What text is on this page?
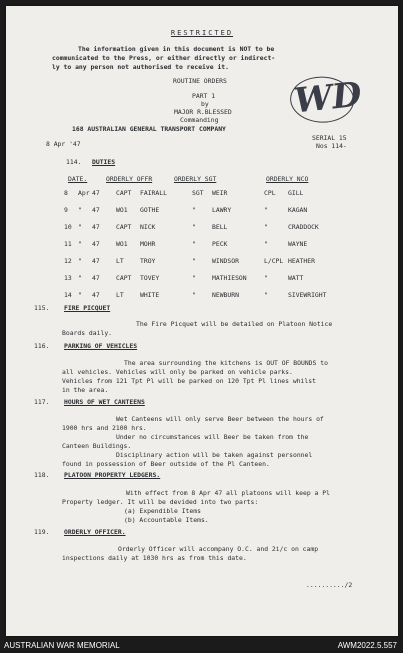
RESTRICTED
The information given in this document is NOT to be
communicated to the Press, or either directly or indirect-
ly to any person not authorised to receive it.
ROUTINE ORDERS
PART 1
by
MAJOR R.BLESSED
Commanding
168 AUSTRALIAN GENERAL TRANSPORT COMPANY
8 Apr '47
SERIAL 15
Nos 114-
WD
114. DUTIES
DATE.	ORDERLY OFFR	ORDERLY SGT	ORDERLY NCO
8 Apr 47	CAPT FAIRALL	SGT WEIR	CPL GILL
9 " 47	WO1 GOTHE	"	LAWRY	"	KAGAN
10 " 47	CAPT NICK	"	BELL	"	CRADDOCK
11 " 47	WO1 MOHR	"	PECK	"	WAYNE
12 " 47	LT	TROY	"	WINDSOR	L/CPL HEATHER
13 " 47	CAPT TOVEY	"	MATHIESON	"	WATT
14 " 47	LT	WHITE	"	NEWBURN	"	SIVEWRIGHT
115. FIRE PICQUET
The Fire Picquet will be detailed on Platoon Notice
Boards daily.
116. PARKING OF VEHICLES
The area surrounding the kitchens is OUT OF BOUNDS to
all vehicles. Vehicles will only be parked on vehicle parks.
Vehicles from 121 Tpt Pl will be parked on 120 Tpt Pl lines whilst
in the area.
117. HOURS OF WET CANTEENS
Wet Canteens will only serve Beer between the hours of
1900 hrs and 2100 hrs.
Under no circumstances will Beer be taken from the
Canteen Buildings.
Disciplinary action will be taken against personnel
found in possession of Beer outside of the Pl Canteen.
118. PLATOON PROPERTY LEDGERS.
With effect from 8 Apr 47 all platoons will keep a Pl
Property ledger. It will be devided into two parts:
(a) Expendible Items
(b) Accountable Items.
119. ORDERLY OFFICER.
Orderly Officer will accompany O.C. and 2i/c on camp
inspections daily at 1030 hrs as from this date.
........../2
AUSTRALIAN WAR MEMORIAL	AWM2022.5.557
